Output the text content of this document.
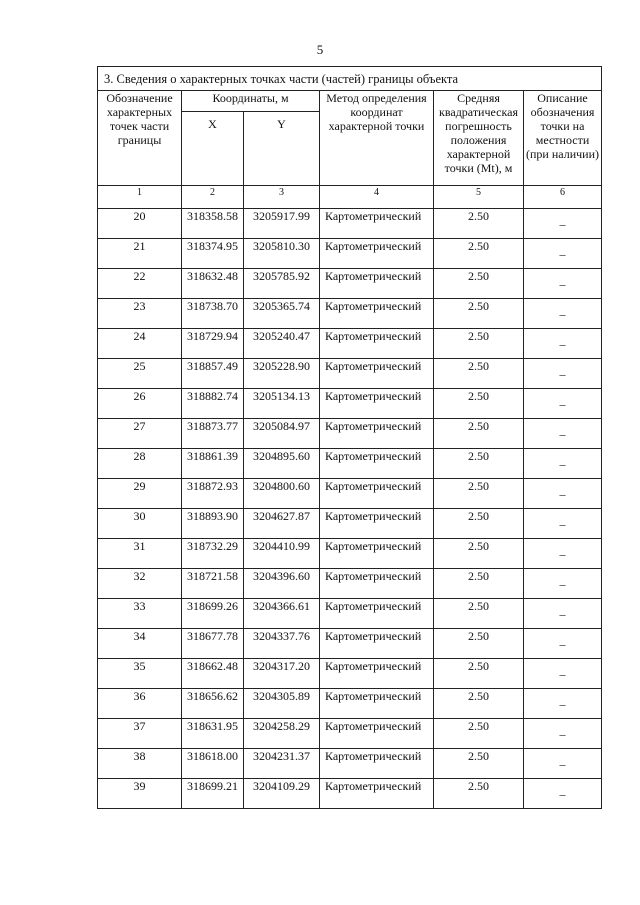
5
3. Сведения о характерных точках части (частей) границы объекта					
Обозначение характерных точек части границы	Координаты, м		Метод определения координат характерной точки	Средняя квадратическая погрешность положения характерной точки (Mt), м	Описание обозначения точки на местности (при наличии)
	X	Y			
1	2	3	4	5	6
20	318358.58	3205917.99	Картометрический	2.50	–
21	318374.95	3205810.30	Картометрический	2.50	–
22	318632.48	3205785.92	Картометрический	2.50	–
23	318738.70	3205365.74	Картометрический	2.50	–
24	318729.94	3205240.47	Картометрический	2.50	–
25	318857.49	3205228.90	Картометрический	2.50	–
26	318882.74	3205134.13	Картометрический	2.50	–
27	318873.77	3205084.97	Картометрический	2.50	–
28	318861.39	3204895.60	Картометрический	2.50	–
29	318872.93	3204800.60	Картометрический	2.50	–
30	318893.90	3204627.87	Картометрический	2.50	–
31	318732.29	3204410.99	Картометрический	2.50	–
32	318721.58	3204396.60	Картометрический	2.50	–
33	318699.26	3204366.61	Картометрический	2.50	–
34	318677.78	3204337.76	Картометрический	2.50	–
35	318662.48	3204317.20	Картометрический	2.50	–
36	318656.62	3204305.89	Картометрический	2.50	–
37	318631.95	3204258.29	Картометрический	2.50	–
38	318618.00	3204231.37	Картометрический	2.50	–
39	318699.21	3204109.29	Картометрический	2.50	–
